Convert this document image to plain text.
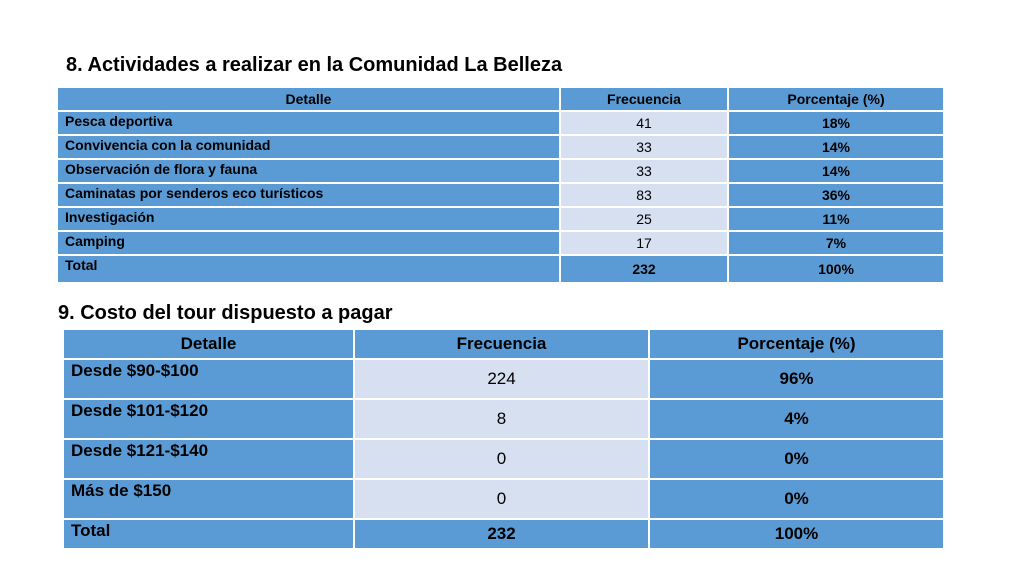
8. Actividades a realizar en la Comunidad La Belleza
Detalle	Frecuencia	Porcentaje (%)
Pesca deportiva	41	18%
Convivencia con la comunidad	33	14%
Observación de flora y fauna	33	14%
Caminatas por senderos eco turísticos	83	36%
Investigación	25	11%
Camping	17	7%
Total	232	100%
9. Costo del tour dispuesto a pagar
Detalle	Frecuencia	Porcentaje (%)
Desde $90-$100	224	96%
Desde $101-$120	8	4%
Desde $121-$140	0	0%
Más de $150	0	0%
Total	232	100%
